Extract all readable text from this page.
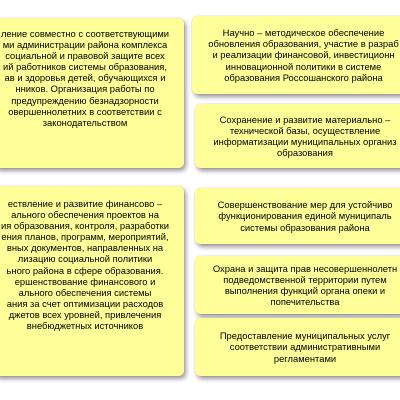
ление совместно с соответствующими

ми администрации района комплекса

социальной и правовой защите всех

ий работников системы образования,

ав и здоровья детей, обучающихся и

нников. Организация работы по

предупреждению безнадзорности

овершеннолетних в соответствии с

законодательством

ествление и развитие финансово –

ального обеспечения проектов на

ия образования, контроля, разработки

ения планов, программ, мероприятий,

вных документов, направленных на

лизацию социальной политики

ьного района в сфере образования.

ершенствование финансового и

ального обеспечения системы

ания за счет оптимизации расходов

джетов всех уровней, привлечения

внебюджетных источников

Научно – методическое обеспечение

обновления образования, участие в разраб

и реализации финансовой, инвестиционн

инновационной политики в системе

образования Россошанского района

Сохранение и развитие материально –

технической базы, осуществление

информатизации муниципальных организ

образования

Совершенствование мер для устойчиво

функционирования единой муниципаль

системы образования района

Охрана и защита прав несовершеннолетн

подведомственной территории путем

выполнения функций органа опеки и

попечительства

Предоставление муниципальных услуг

соответствии административными

регламентами
